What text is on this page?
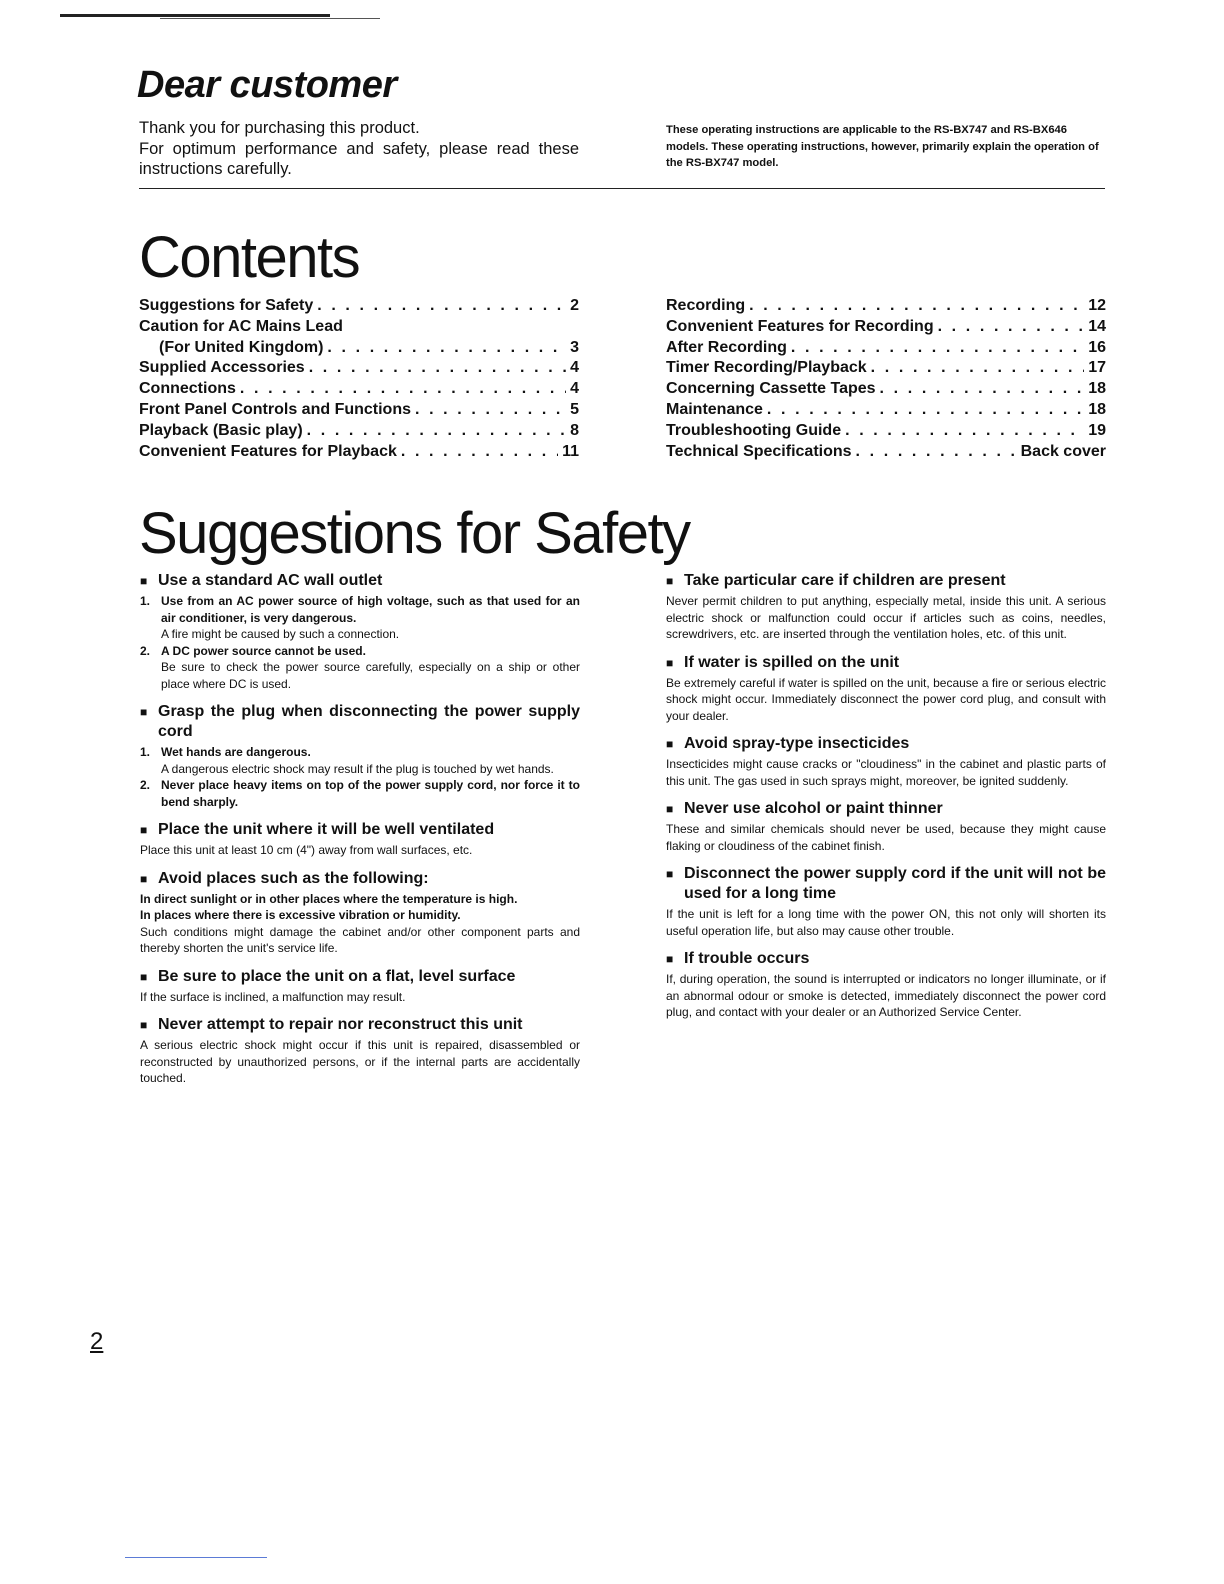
Dear customer

Thank you for purchasing this product.

For optimum performance and safety, please read these instructions carefully.

These operating instructions are applicable to the RS-BX747 and RS-BX646 models. These operating instructions, however, primarily explain the operation of the RS-BX747 model.

Contents
Suggestions for Safety . . .	2
Caution for AC Mains Lead
(For United Kingdom) . . .	3
Supplied Accessories . . .	4
Connections . . .	4
Front Panel Controls and Functions . . .	5
Playback (Basic play) . . .	8
Convenient Features for Playback . . .	11
Recording . . .	12
Convenient Features for Recording . . .	14
After Recording . . .	16
Timer Recording/Playback . . .	17
Concerning Cassette Tapes . . .	18
Maintenance . . .	18
Troubleshooting Guide . . .	19
Technical Specifications . . .	Back cover
Suggestions for Safety
■ Use a standard AC wall outlet
1. Use from an AC power source of high voltage, such as that used for an air conditioner, is very dangerous.
A fire might be caused by such a connection.
2. A DC power source cannot be used.
Be sure to check the power source carefully, especially on a ship or other place where DC is used.
■ Grasp the plug when disconnecting the power supply cord
1. Wet hands are dangerous.
A dangerous electric shock may result if the plug is touched by wet hands.
2. Never place heavy items on top of the power supply cord, nor force it to bend sharply.
■ Place the unit where it will be well ventilated

Place this unit at least 10 cm (4") away from wall surfaces, etc.

■ Avoid places such as the following:

In direct sunlight or in other places where the temperature is high.

In places where there is excessive vibration or humidity.

Such conditions might damage the cabinet and/or other component parts and thereby shorten the unit's service life.

■ Be sure to place the unit on a flat, level surface

If the surface is inclined, a malfunction may result.

■ Never attempt to repair nor reconstruct this unit

A serious electric shock might occur if this unit is repaired, disassembled or reconstructed by unauthorized persons, or if the internal parts are accidentally touched.

■ Take particular care if children are present

Never permit children to put anything, especially metal, inside this unit. A serious electric shock or malfunction could occur if articles such as coins, needles, screwdrivers, etc. are inserted through the ventilation holes, etc. of this unit.

■ If water is spilled on the unit

Be extremely careful if water is spilled on the unit, because a fire or serious electric shock might occur. Immediately disconnect the power cord plug, and consult with your dealer.

■ Avoid spray-type insecticides

Insecticides might cause cracks or "cloudiness" in the cabinet and plastic parts of this unit. The gas used in such sprays might, moreover, be ignited suddenly.

■ Never use alcohol or paint thinner

These and similar chemicals should never be used, because they might cause flaking or cloudiness of the cabinet finish.

■ Disconnect the power supply cord if the unit will not be used for a long time

If the unit is left for a long time with the power ON, this not only will shorten its useful operation life, but also may cause other trouble.

■ If trouble occurs

If, during operation, the sound is interrupted or indicators no longer illuminate, or if an abnormal odour or smoke is detected, immediately disconnect the power cord plug, and contact with your dealer or an Authorized Service Center.

2
